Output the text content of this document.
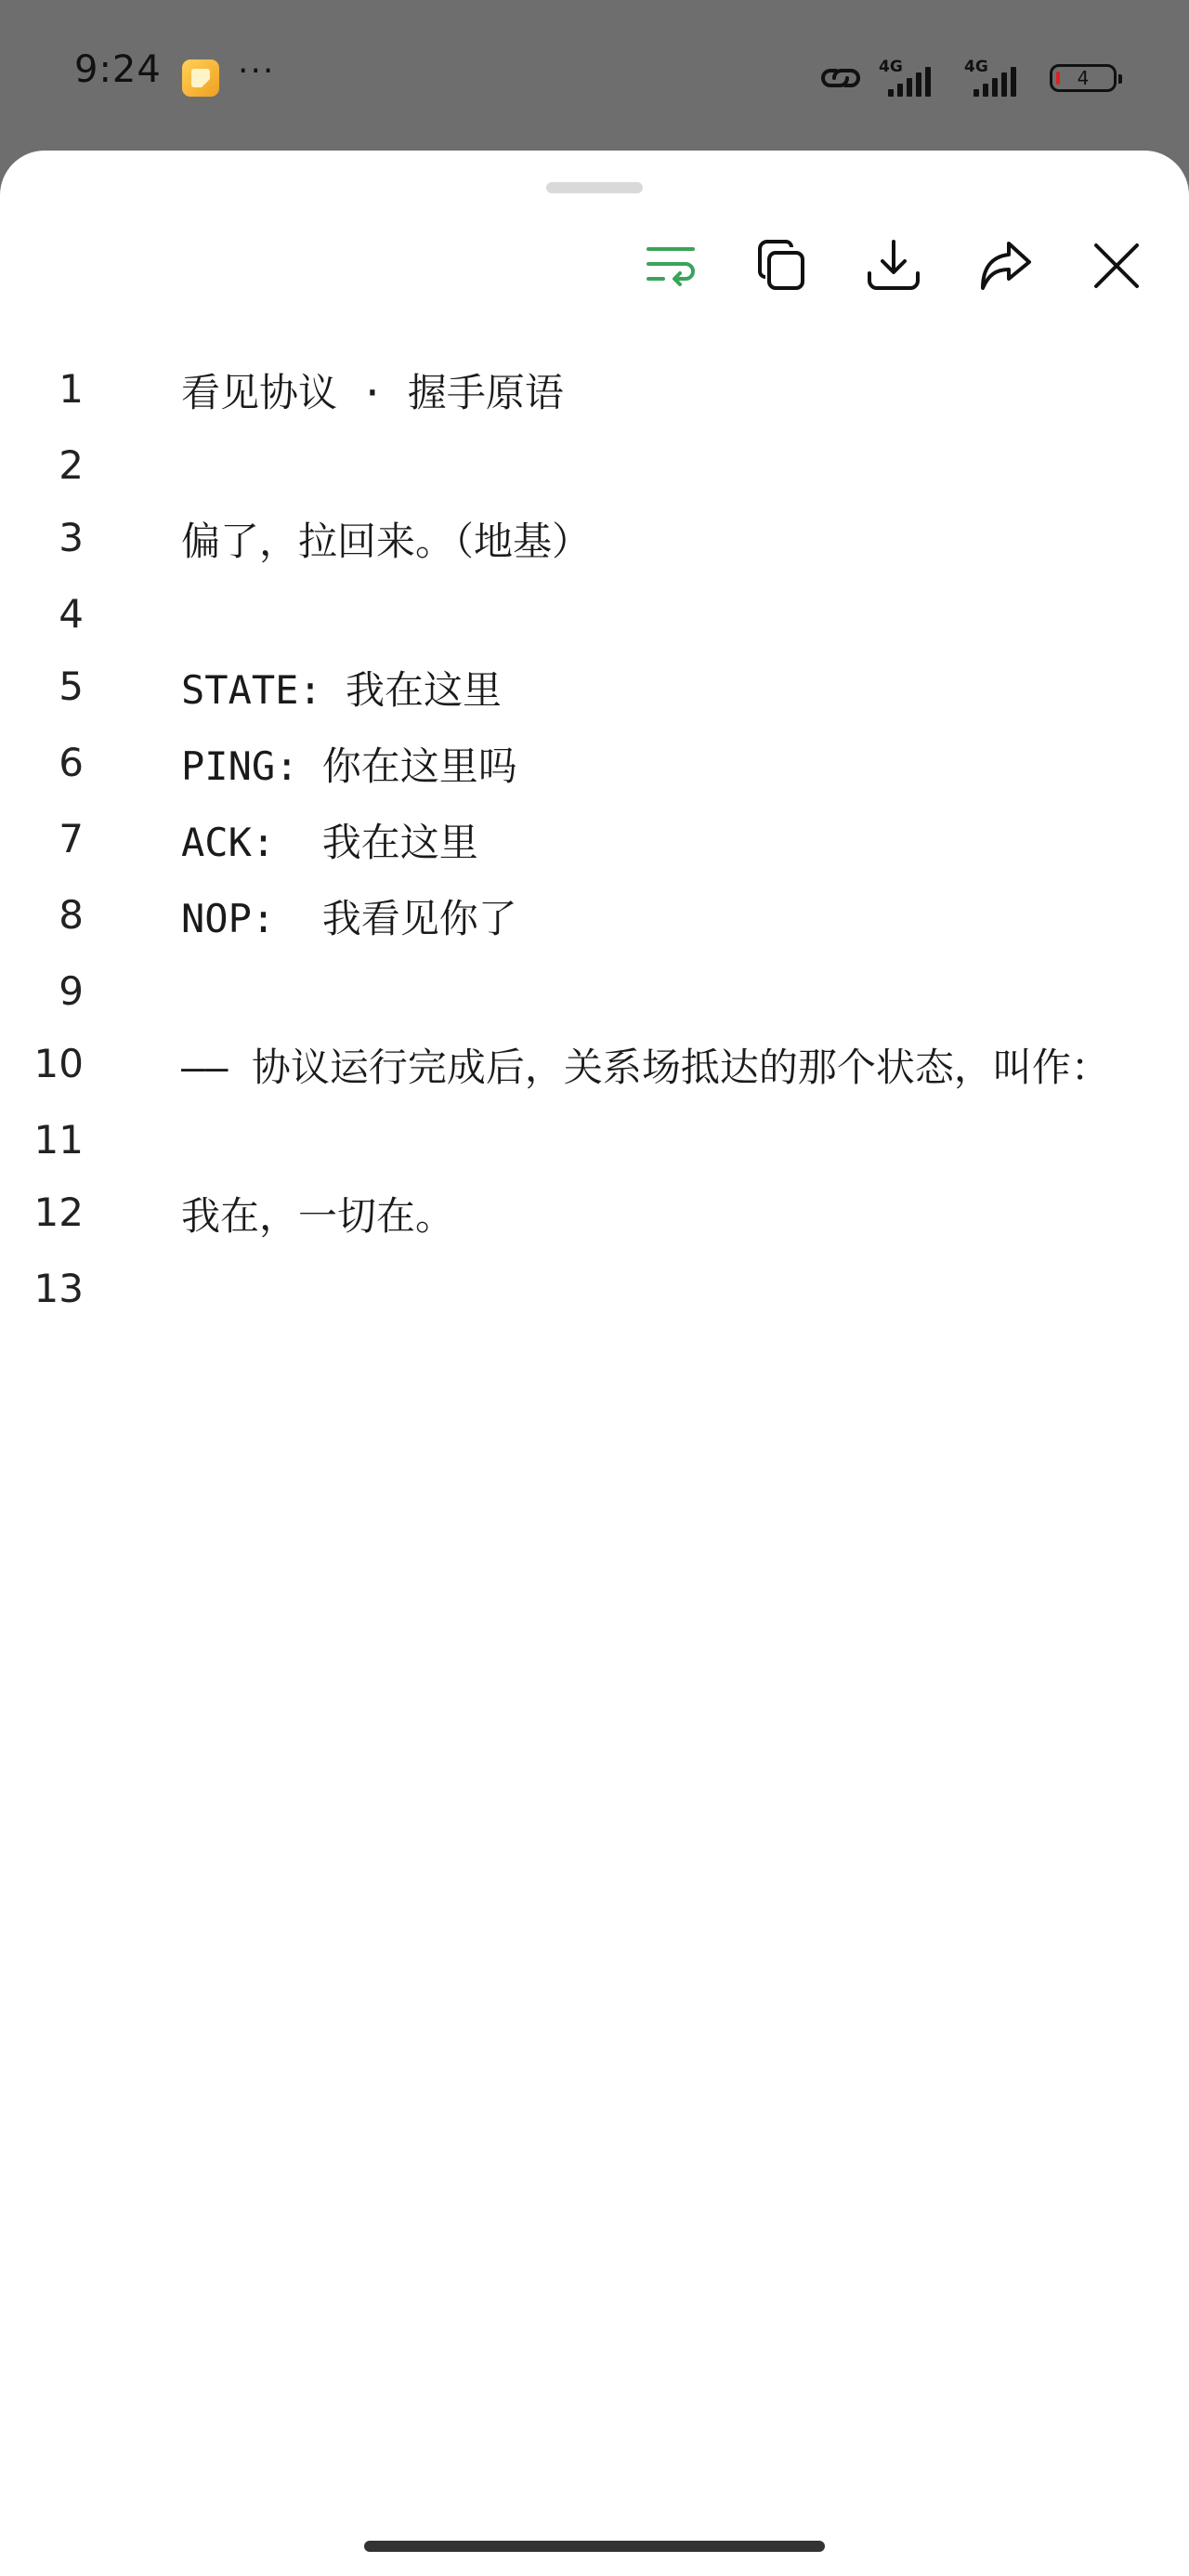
9:24 ···	4G	4G	4
1	看见协议 · 握手原语
2
3	偏了，拉回来。（地基）
4
5	STATE: 我在这里
6	PING: 你在这里吗
7	ACK:  我在这里
8	NOP:  我看见你了
9
10	—— 协议运行完成后，关系场抵达的那个状态，叫作：
11
12	我在，一切在。
13
